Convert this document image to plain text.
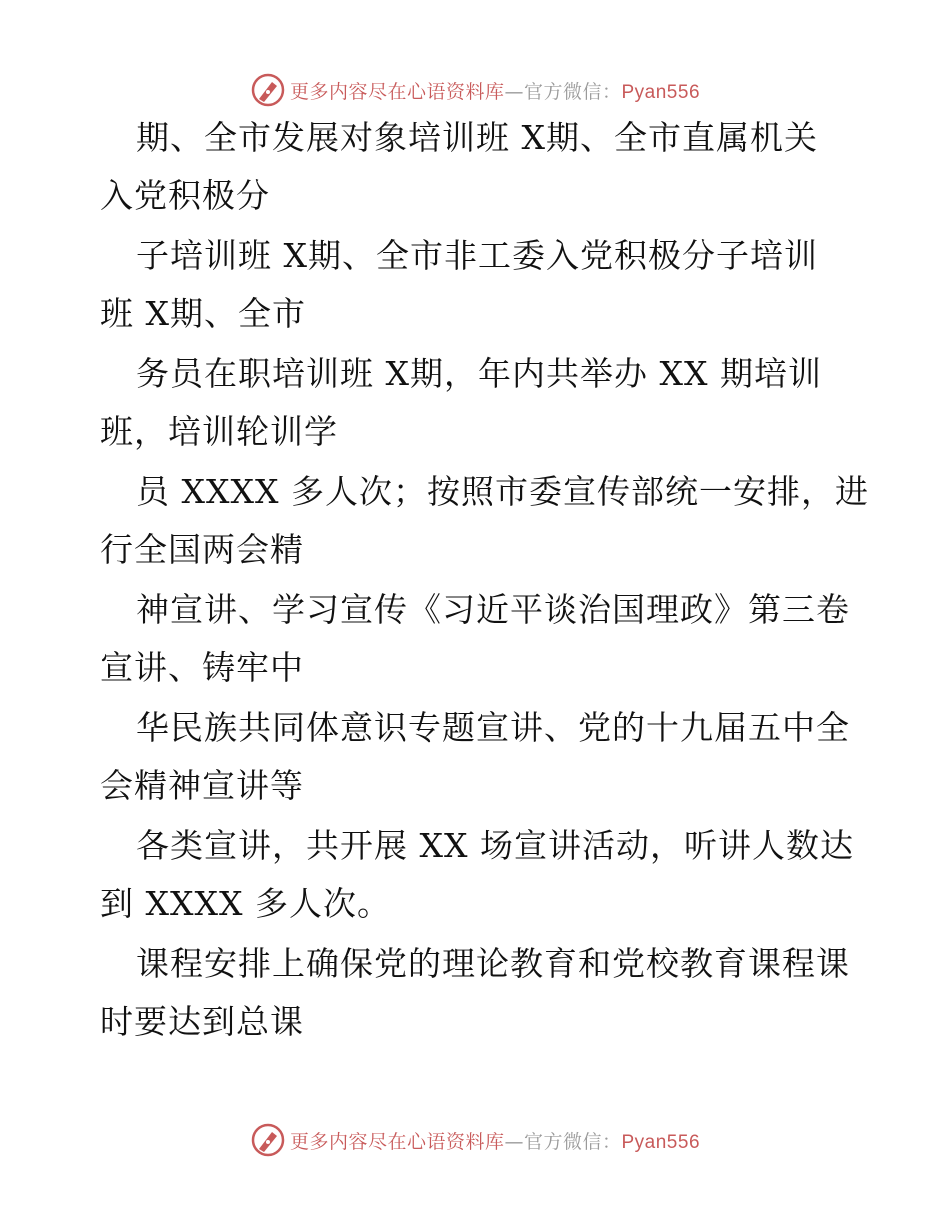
更多内容尽在心语资料库—官方微信：Pyan556
期、全市发展对象培训班 X期、全市直属机关
入党积极分
子培训班 X期、全市非工委入党积极分子培训
班 X期、全市
务员在职培训班 X期，年内共举办 XX 期培训
班，培训轮训学
员 XXXX 多人次；按照市委宣传部统一安排，进
行全国两会精
神宣讲、学习宣传《习近平谈治国理政》第三卷
宣讲、铸牢中
华民族共同体意识专题宣讲、党的十九届五中全
会精神宣讲等
各类宣讲，共开展 XX 场宣讲活动，听讲人数达
到 XXXX 多人次。
课程安排上确保党的理论教育和党校教育课程课
时要达到总课
更多内容尽在心语资料库—官方微信：Pyan556
